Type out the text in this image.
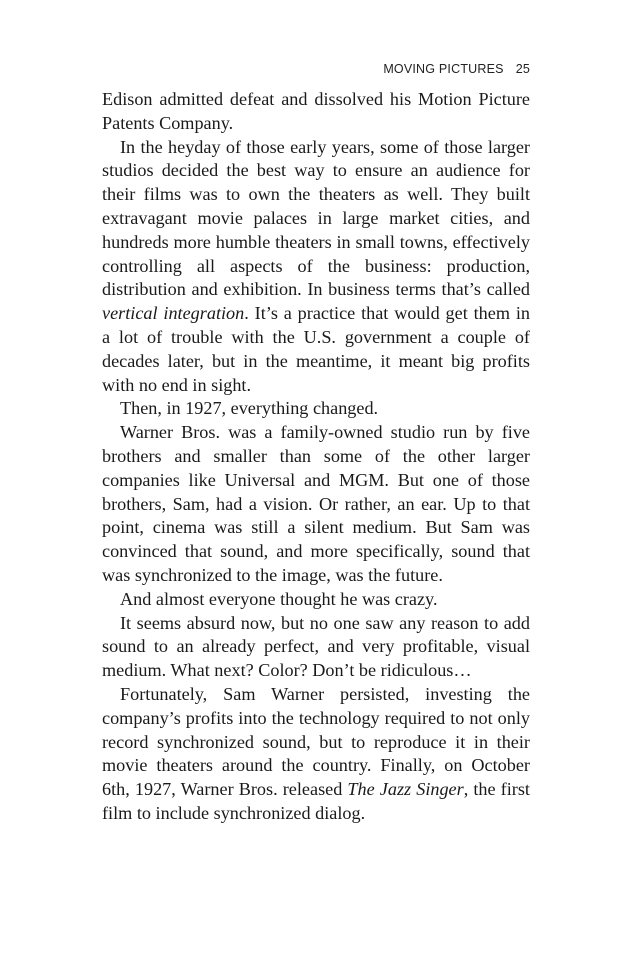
MOVING PICTURES 25

Edison admitted defeat and dissolved his Motion Picture Patents Company.

In the heyday of those early years, some of those larger studios decided the best way to ensure an audience for their films was to own the theaters as well. They built extravagant movie palaces in large market cities, and hundreds more humble theaters in small towns, effectively controlling all aspects of the business: production, distribution and exhibition. In business terms that’s called vertical integration. It’s a practice that would get them in a lot of trouble with the U.S. government a couple of decades later, but in the meantime, it meant big profits with no end in sight.

Then, in 1927, everything changed.

Warner Bros. was a family-owned studio run by five brothers and smaller than some of the other larger companies like Universal and MGM. But one of those brothers, Sam, had a vision. Or rather, an ear. Up to that point, cinema was still a silent medium. But Sam was convinced that sound, and more specifically, sound that was synchronized to the image, was the future.

And almost everyone thought he was crazy.

It seems absurd now, but no one saw any reason to add sound to an already perfect, and very profitable, visual medium. What next? Color? Don’t be ridiculous…

Fortunately, Sam Warner persisted, investing the company’s profits into the technology required to not only record synchronized sound, but to reproduce it in their movie theaters around the country. Finally, on October 6th, 1927, Warner Bros. released The Jazz Singer, the first film to include synchronized dialog.
